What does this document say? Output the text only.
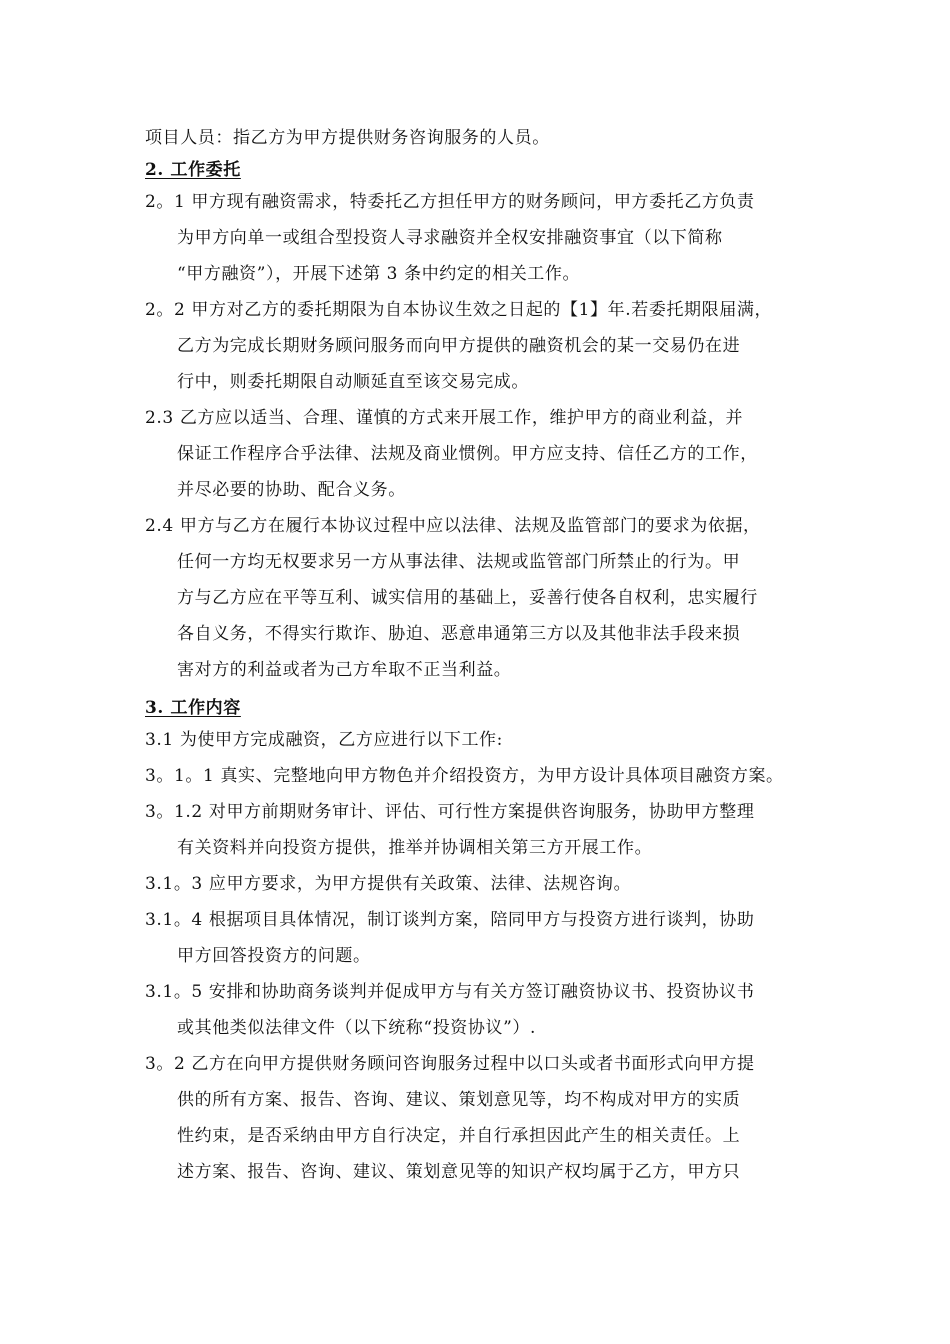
项目人员：指乙方为甲方提供财务咨询服务的人员。
2. 工作委托
2。1 甲方现有融资需求，特委托乙方担任甲方的财务顾问，甲方委托乙方负责
为甲方向单一或组合型投资人寻求融资并全权安排融资事宜（以下简称
“甲方融资”），开展下述第 3 条中约定的相关工作。
2。2 甲方对乙方的委托期限为自本协议生效之日起的【1】年.若委托期限届满，
乙方为完成长期财务顾问服务而向甲方提供的融资机会的某一交易仍在进
行中，则委托期限自动顺延直至该交易完成。
2.3 乙方应以适当、合理、谨慎的方式来开展工作，维护甲方的商业利益，并
保证工作程序合乎法律、法规及商业惯例。甲方应支持、信任乙方的工作，
并尽必要的协助、配合义务。
2.4 甲方与乙方在履行本协议过程中应以法律、法规及监管部门的要求为依据，
任何一方均无权要求另一方从事法律、法规或监管部门所禁止的行为。甲
方与乙方应在平等互利、诚实信用的基础上，妥善行使各自权利，忠实履行
各自义务，不得实行欺诈、胁迫、恶意串通第三方以及其他非法手段来损
害对方的利益或者为己方牟取不正当利益。
3. 工作内容
3.1 为使甲方完成融资，乙方应进行以下工作:
3。1。1 真实、完整地向甲方物色并介绍投资方，为甲方设计具体项目融资方案。
3。1.2 对甲方前期财务审计、评估、可行性方案提供咨询服务，协助甲方整理
有关资料并向投资方提供，推举并协调相关第三方开展工作。
3.1。3 应甲方要求，为甲方提供有关政策、法律、法规咨询。
3.1。4 根据项目具体情况，制订谈判方案，陪同甲方与投资方进行谈判，协助
甲方回答投资方的问题。
3.1。5 安排和协助商务谈判并促成甲方与有关方签订融资协议书、投资协议书
或其他类似法律文件（以下统称“投资协议”）.
3。2 乙方在向甲方提供财务顾问咨询服务过程中以口头或者书面形式向甲方提
供的所有方案、报告、咨询、建议、策划意见等，均不构成对甲方的实质
性约束，是否采纳由甲方自行决定，并自行承担因此产生的相关责任。上
述方案、报告、咨询、建议、策划意见等的知识产权均属于乙方，甲方只
